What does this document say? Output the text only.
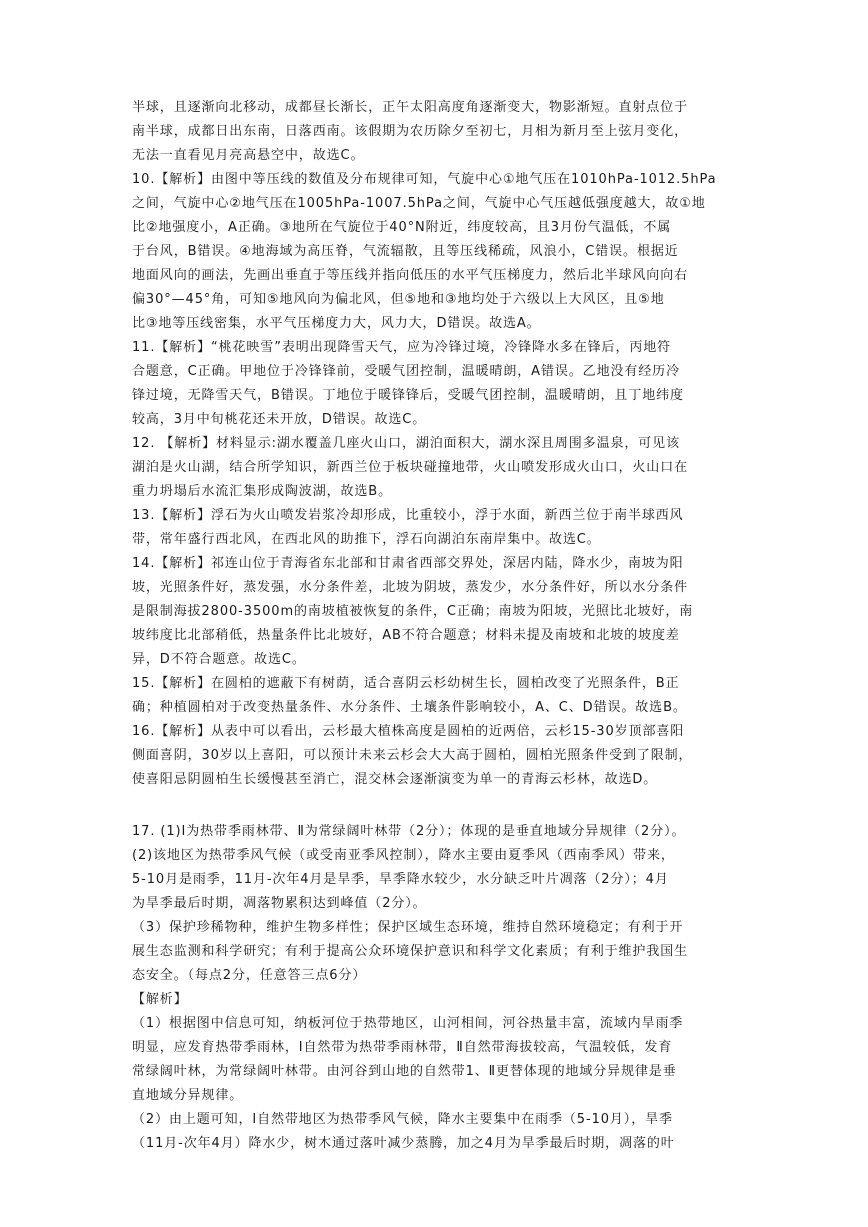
半球，且逐渐向北移动，成都昼长渐长，正午太阳高度角逐渐变大，物影渐短。直射点位于
南半球，成都日出东南，日落西南。该假期为农历除夕至初七，月相为新月至上弦月变化，
无法一直看见月亮高悬空中，故选C。
10.【解析】由图中等压线的数值及分布规律可知，气旋中心①地气压在1010hPa-1012.5hPa
之间，气旋中心②地气压在1005hPa-1007.5hPa之间，气旋中心气压越低强度越大，故①地
比②地强度小，A正确。③地所在气旋位于40°N附近，纬度较高，且3月份气温低，不属
于台风，B错误。④地海域为高压脊，气流辐散，且等压线稀疏，风浪小，C错误。根据近
地面风向的画法，先画出垂直于等压线并指向低压的水平气压梯度力，然后北半球风向向右
偏30°—45°角，可知⑤地风向为偏北风，但⑤地和③地均处于六级以上大风区，且⑤地
比③地等压线密集，水平气压梯度力大，风力大，D错误。故选A。
11.【解析】“桃花映雪”表明出现降雪天气，应为冷锋过境，冷锋降水多在锋后，丙地符
合题意，C正确。甲地位于冷锋锋前，受暖气团控制，温暖晴朗，A错误。乙地没有经历冷
锋过境，无降雪天气，B错误。丁地位于暖锋锋后，受暖气团控制，温暖晴朗，且丁地纬度
较高，3月中旬桃花还未开放，D错误。故选C。
12. 【解析】材料显示:湖水覆盖几座火山口，湖泊面积大，湖水深且周围多温泉，可见该
湖泊是火山湖，结合所学知识，新西兰位于板块碰撞地带，火山喷发形成火山口，火山口在
重力坍塌后水流汇集形成陶波湖，故选B。
13.【解析】浮石为火山喷发岩浆冷却形成，比重较小，浮于水面，新西兰位于南半球西风
带，常年盛行西北风，在西北风的助推下，浮石向湖泊东南岸集中。故选C。
14.【解析】祁连山位于青海省东北部和甘肃省西部交界处，深居内陆，降水少，南坡为阳
坡，光照条件好，蒸发强，水分条件差，北坡为阴坡，蒸发少，水分条件好，所以水分条件
是限制海拔2800-3500m的南坡植被恢复的条件，C正确；南坡为阳坡，光照比北坡好，南
坡纬度比北部稍低，热量条件比北坡好，AB不符合题意；材料未提及南坡和北坡的坡度差
异，D不符合题意。故选C。
15.【解析】在圆柏的遮蔽下有树荫，适合喜阴云杉幼树生长，圆柏改变了光照条件，B正
确；种植圆柏对于改变热量条件、水分条件、土壤条件影响较小，A、C、D错误。故选B。
16.【解析】从表中可以看出，云杉最大植株高度是圆柏的近两倍，云杉15-30岁顶部喜阳
侧面喜阴，30岁以上喜阳，可以预计未来云杉会大大高于圆柏，圆柏光照条件受到了限制，
使喜阳忌阴圆柏生长缓慢甚至消亡，混交林会逐渐演变为单一的青海云杉林，故选D。
17. (1)Ⅰ为热带季雨林带、Ⅱ为常绿阔叶林带（2分）；体现的是垂直地域分异规律（2分）。
(2)该地区为热带季风气候（或受南亚季风控制），降水主要由夏季风（西南季风）带来，
5-10月是雨季，11月-次年4月是旱季，旱季降水较少，水分缺乏叶片凋落（2分）；4月
为旱季最后时期，凋落物累积达到峰值（2分）。
（3）保护珍稀物种，维护生物多样性；保护区域生态环境，维持自然环境稳定；有利于开
展生态监测和科学研究；有利于提高公众环境保护意识和科学文化素质；有利于维护我国生
态安全。（每点2分，任意答三点6分）
【解析】
（1）根据图中信息可知，纳板河位于热带地区，山河相间，河谷热量丰富，流域内旱雨季
明显，应发育热带季雨林，Ⅰ自然带为热带季雨林带，Ⅱ自然带海拔较高，气温较低，发育
常绿阔叶林，为常绿阔叶林带。由河谷到山地的自然带1、Ⅱ更替体现的地域分异规律是垂
直地域分异规律。
（2）由上题可知，Ⅰ自然带地区为热带季风气候，降水主要集中在雨季（5-10月），旱季
（11月-次年4月）降水少，树木通过落叶减少蒸腾，加之4月为旱季最后时期，凋落的叶
